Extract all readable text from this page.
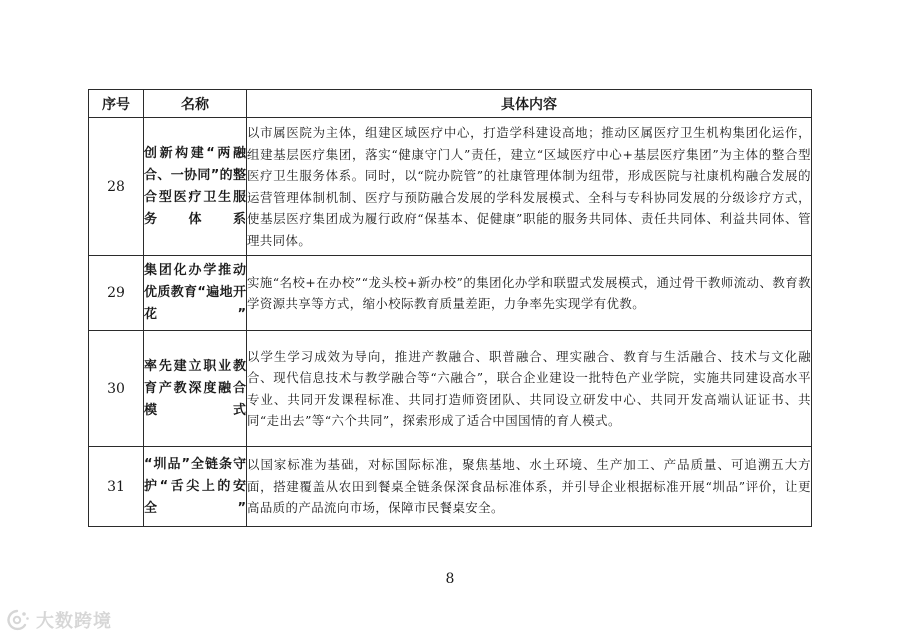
序号	名称	具体内容
28	创新构建“两融合、一协同”的整合型医疗卫生服务体系	以市属医院为主体，组建区域医疗中心，打造学科建设高地；推动区属医疗卫生机构集团化运作，组建基层医疗集团，落实“健康守门人”责任，建立“区域医疗中心+基层医疗集团”为主体的整合型医疗卫生服务体系。同时，以“院办院管”的社康管理体制为纽带，形成医院与社康机构融合发展的运营管理体制机制、医疗与预防融合发展的学科发展模式、全科与专科协同发展的分级诊疗方式，使基层医疗集团成为履行政府“保基本、促健康”职能的服务共同体、责任共同体、利益共同体、管理共同体。
29	集团化办学推动优质教育“遍地开花”	实施“名校+在办校”“龙头校+新办校”的集团化办学和联盟式发展模式，通过骨干教师流动、教育教学资源共享等方式，缩小校际教育质量差距，力争率先实现学有优教。
30	率先建立职业教育产教深度融合模式	以学生学习成效为导向，推进产教融合、职普融合、理实融合、教育与生活融合、技术与文化融合、现代信息技术与教学融合等“六融合”，联合企业建设一批特色产业学院，实施共同建设高水平专业、共同开发课程标准、共同打造师资团队、共同设立研发中心、共同开发高端认证证书、共同“走出去”等“六个共同”，探索形成了适合中国国情的育人模式。
31	“圳品”全链条守护“舌尖上的安全”	以国家标准为基础，对标国际标准，聚焦基地、水土环境、生产加工、产品质量、可追溯五大方面，搭建覆盖从农田到餐桌全链条保深食品标准体系，并引导企业根据标准开展“圳品”评价，让更高品质的产品流向市场，保障市民餐桌安全。
8
大数跨境
